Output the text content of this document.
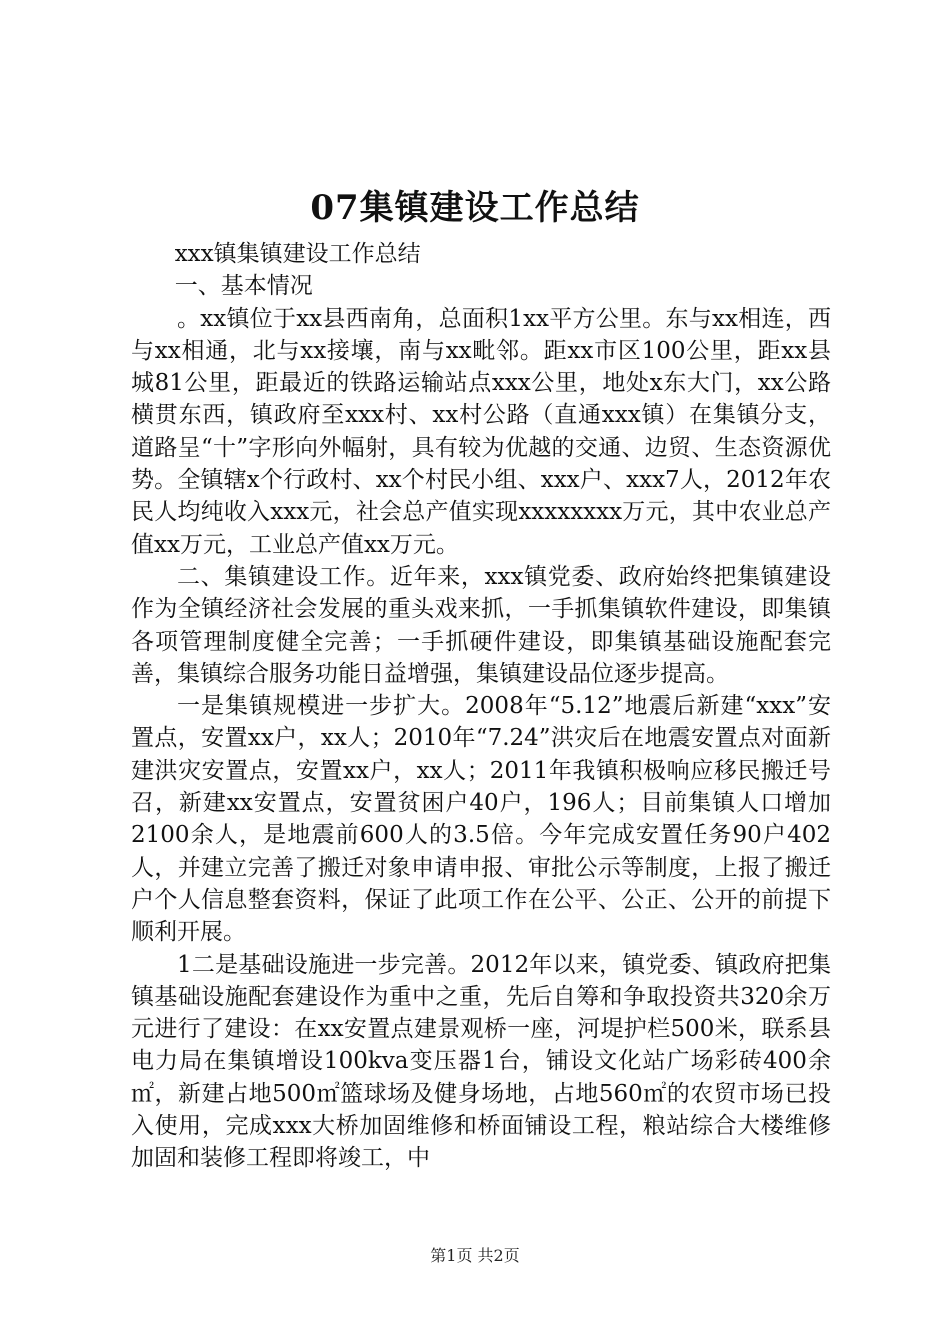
07集镇建设工作总结

xxx镇集镇建设工作总结

一、基本情况

。xx镇位于xx县西南角，总面积1xx平方公里。东与xx相连，西与xx相通，北与xx接壤，南与xx毗邻。距xx市区100公里，距xx县城81公里，距最近的铁路运输站点xxx公里，地处x东大门，xx公路横贯东西，镇政府至xxx村、xx村公路（直通xxx镇）在集镇分支，道路呈“十”字形向外幅射，具有较为优越的交通、边贸、生态资源优势。全镇辖x个行政村、xx个村民小组、xxx户、xxx7人，2012年农民人均纯收入xxx元，社会总产值实现xxxxxxxx万元，其中农业总产值xx万元，工业总产值xx万元。

二、集镇建设工作。近年来，xxx镇党委、政府始终把集镇建设作为全镇经济社会发展的重头戏来抓，一手抓集镇软件建设，即集镇各项管理制度健全完善；一手抓硬件建设，即集镇基础设施配套完善，集镇综合服务功能日益增强，集镇建设品位逐步提高。

一是集镇规模进一步扩大。2008年“5.12”地震后新建“xxx”安置点，安置xx户，xx人；2010年“7.24”洪灾后在地震安置点对面新建洪灾安置点，安置xx户，xx人；2011年我镇积极响应移民搬迁号召，新建xx安置点，安置贫困户40户，196人；目前集镇人口增加2100余人，是地震前600人的3.5倍。今年完成安置任务90户402人，并建立完善了搬迁对象申请申报、审批公示等制度，上报了搬迁户个人信息整套资料，保证了此项工作在公平、公正、公开的前提下顺利开展。

1二是基础设施进一步完善。2012年以来，镇党委、镇政府把集镇基础设施配套建设作为重中之重，先后自筹和争取投资共320余万元进行了建设：在xx安置点建景观桥一座，河堤护栏500米，联系县电力局在集镇增设100kva变压器1台，铺设文化站广场彩砖400余㎡，新建占地500㎡篮球场及健身场地，占地560㎡的农贸市场已投入使用，完成xxx大桥加固维修和桥面铺设工程，粮站综合大楼维修加固和装修工程即将竣工，中

第1页 共2页
